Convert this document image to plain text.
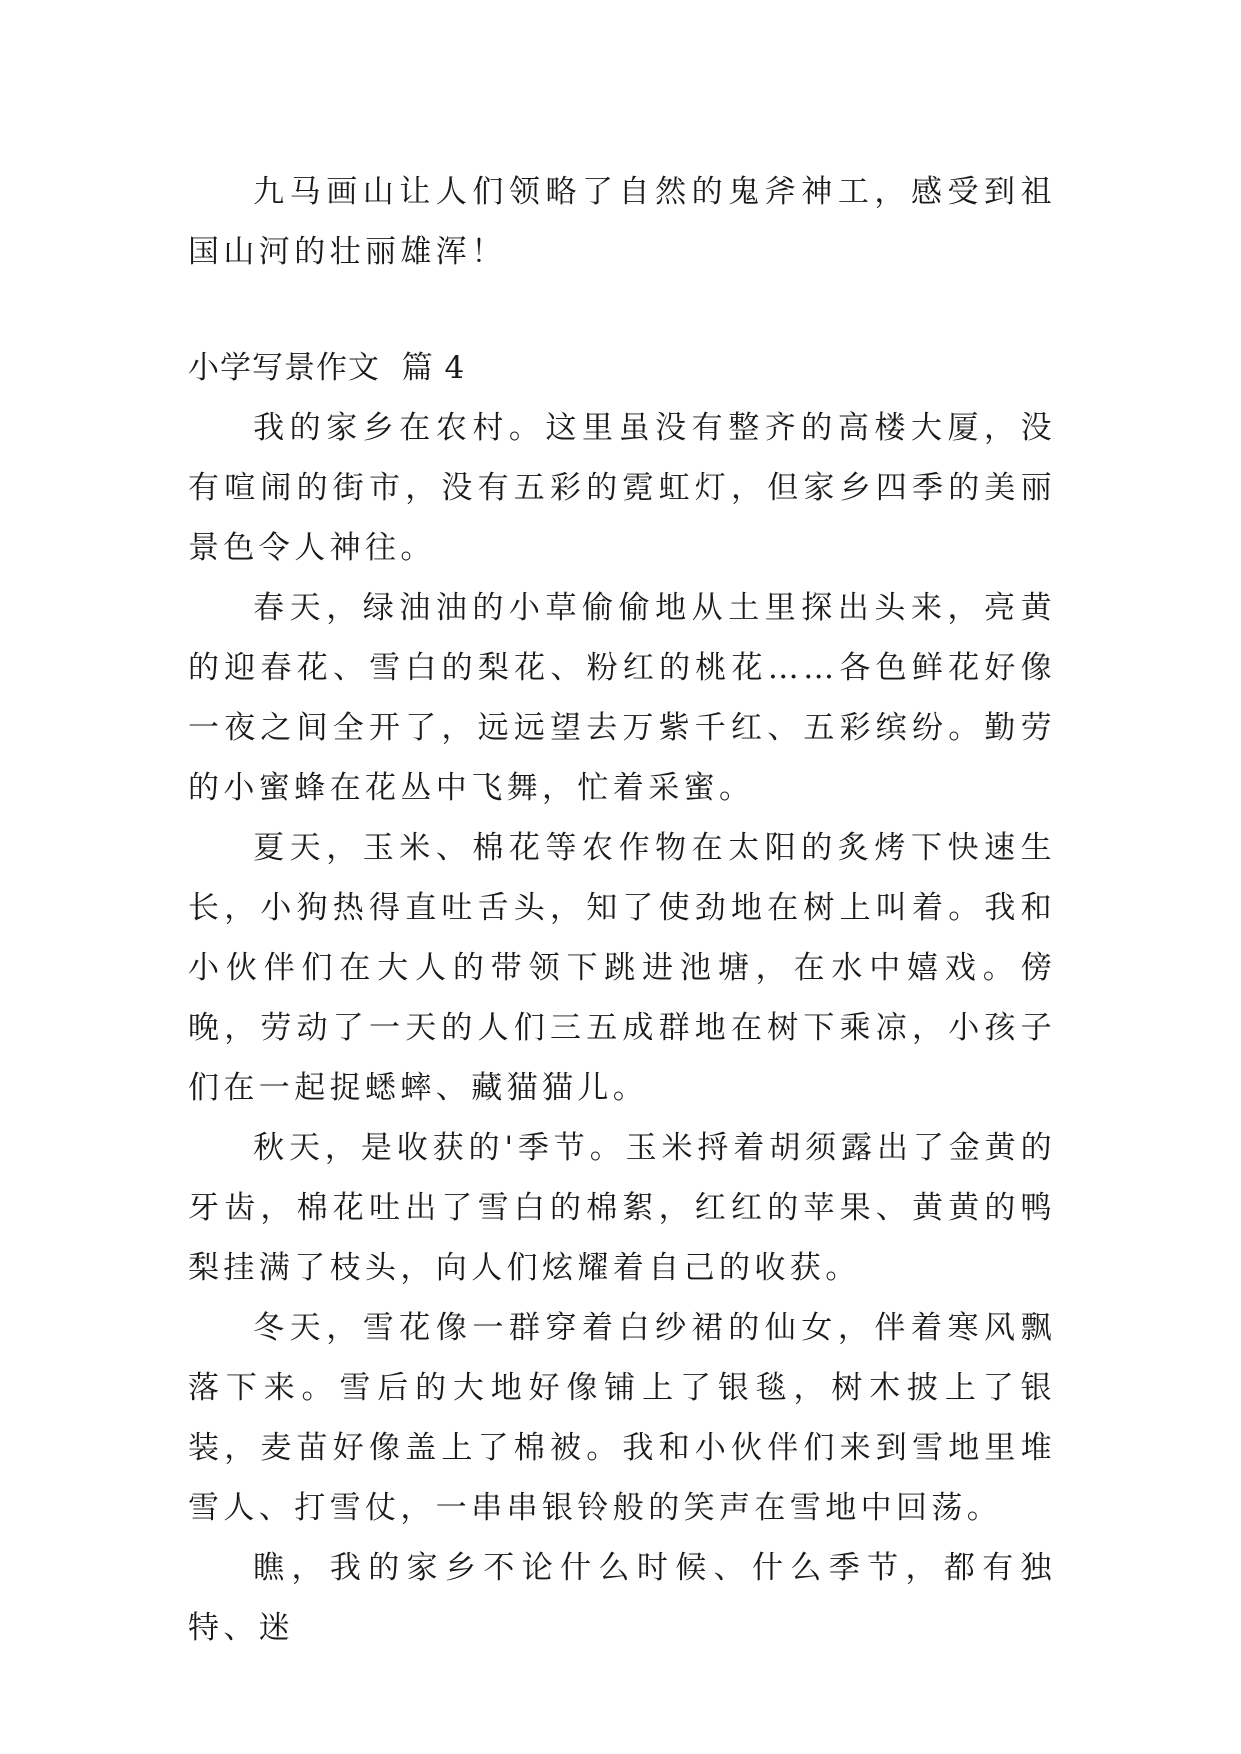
九马画山让人们领略了自然的鬼斧神工，感受到祖国山河的壮丽雄浑！

小学写景作文  篇 4

我的家乡在农村。这里虽没有整齐的高楼大厦，没有喧闹的街市，没有五彩的霓虹灯，但家乡四季的美丽景色令人神往。

春天，绿油油的小草偷偷地从土里探出头来，亮黄的迎春花、雪白的梨花、粉红的桃花……各色鲜花好像一夜之间全开了，远远望去万紫千红、五彩缤纷。勤劳的小蜜蜂在花丛中飞舞，忙着采蜜。

夏天，玉米、棉花等农作物在太阳的炙烤下快速生长，小狗热得直吐舌头，知了使劲地在树上叫着。我和小伙伴们在大人的带领下跳进池塘，在水中嬉戏。傍晚，劳动了一天的人们三五成群地在树下乘凉，小孩子们在一起捉蟋蟀、藏猫猫儿。

秋天，是收获的'季节。玉米捋着胡须露出了金黄的牙齿，棉花吐出了雪白的棉絮，红红的苹果、黄黄的鸭梨挂满了枝头，向人们炫耀着自己的收获。

冬天，雪花像一群穿着白纱裙的仙女，伴着寒风飘落下来。雪后的大地好像铺上了银毯，树木披上了银装，麦苗好像盖上了棉被。我和小伙伴们来到雪地里堆雪人、打雪仗，一串串银铃般的笑声在雪地中回荡。

瞧，我的家乡不论什么时候、什么季节，都有独特、迷
